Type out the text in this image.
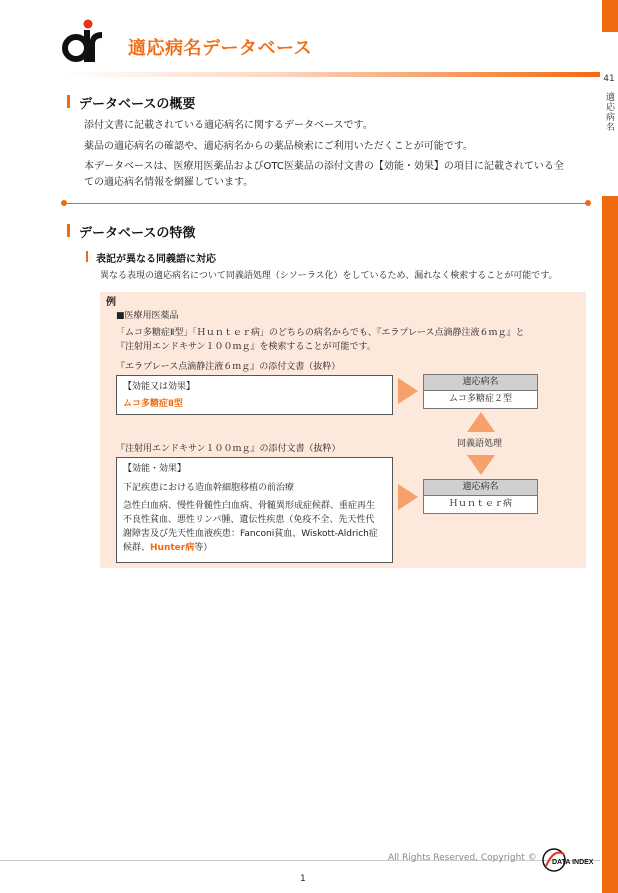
41
適応病名
適応病名データベース
データベースの概要
添付文書に記載されている適応病名に関するデータベースです。
薬品の適応病名の確認や、適応病名からの薬品検索にご利用いただくことが可能です。
本データベースは、医療用医薬品およびOTC医薬品の添付文書の【効能・効果】の項目に記載されている全
ての適応病名情報を網羅しています。
データベースの特徴
表記が異なる同義語に対応
異なる表現の適応病名について同義語処理（シソーラス化）をしているため、漏れなく検索することが可能です。
例
■医療用医薬品
「ムコ多糖症Ⅱ型」「Ｈｕｎｔｅｒ病」のどちらの病名からでも、『エラプレース点滴静注液６ｍｇ』と
『注射用エンドキサン１００ｍｇ』を検索することが可能です。
『エラプレース点滴静注液６ｍｇ』の添付文書（抜粋）
【効能又は効果】
ムコ多糖症Ⅱ型
適応病名
ムコ多糖症２型
同義語処理
『注射用エンドキサン１００ｍｇ』の添付文書（抜粋）
【効能・効果】
下記疾患における造血幹細胞移植の前治療
急性白血病、慢性骨髄性白血病、骨髄異形成症候群、重症再生
不良性貧血、悪性リンパ腫、遺伝性疾患（免疫不全、先天性代
謝障害及び先天性血液疾患：Fanconi貧血、Wiskott-Aldrich症
候群、Hunter病等）
適応病名
Ｈｕｎｔｅｒ病
All Rights Reserved, Copyright © DATA INDEX
1
